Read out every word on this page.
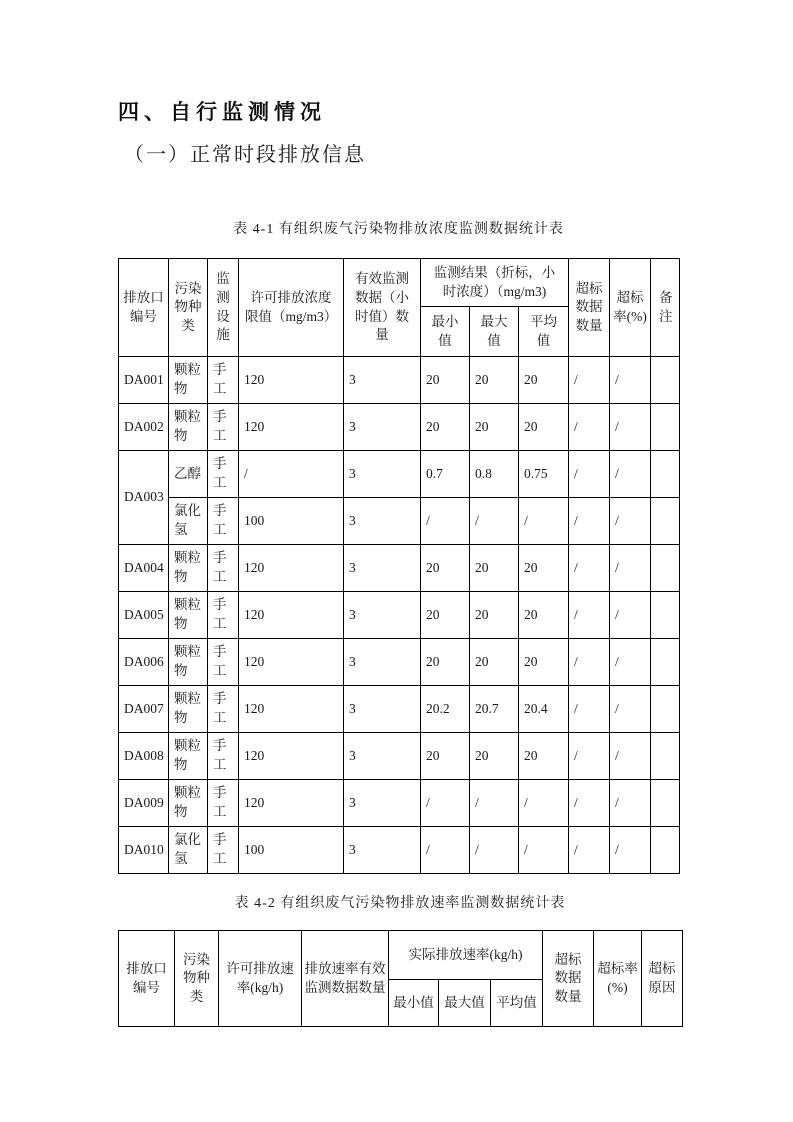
四、自行监测情况
（一）正常时段排放信息
表 4-1 有组织废气污染物排放浓度监测数据统计表
排放口编号	污染物种类	监测设施	许可排放浓度限值（mg/m3）	有效监测数据（小时值）数量	监测结果（折标，小时浓度）（mg/m3)			超标数据数量	超标率(%)	备注
					最小值	最大值	平均值			
DA001	颗粒物	手工	120	3	20	20	20	/	/	
DA002	颗粒物	手工	120	3	20	20	20	/	/	
DA003	乙醇	手工	/	3	0.7	0.8	0.75	/	/	
	氯化氢	手工	100	3	/	/	/	/	/	
DA004	颗粒物	手工	120	3	20	20	20	/	/	
DA005	颗粒物	手工	120	3	20	20	20	/	/	
DA006	颗粒物	手工	120	3	20	20	20	/	/	
DA007	颗粒物	手工	120	3	20.2	20.7	20.4	/	/	
DA008	颗粒物	手工	120	3	20	20	20	/	/	
DA009	颗粒物	手工	120	3	/	/	/	/	/	
DA010	氯化氢	手工	100	3	/	/	/	/	/	
表 4-2 有组织废气污染物排放速率监测数据统计表
排放口编号	污染物种类	许可排放速率(kg/h)	排放速率有效监测数据数量	实际排放速率(kg/h)			超标数据数量	超标率(%)	超标原因
				最小值	最大值	平均值			
